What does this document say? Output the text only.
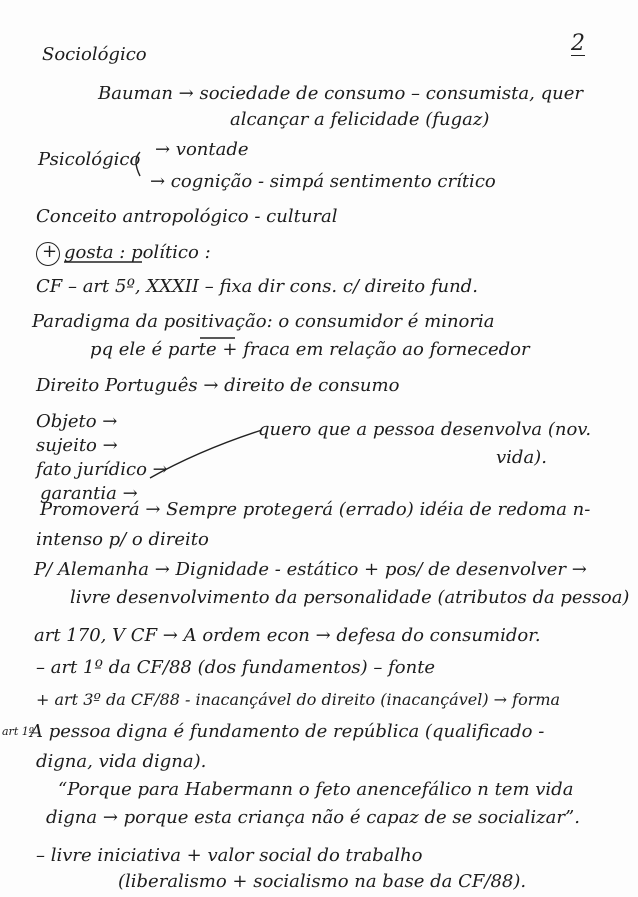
2
Sociológico
Bauman → sociedade de consumo – consumista, quer
alcançar a felicidade (fugaz)
Psicológico → vontade
→ cognição - simpá sentimento crítico
Conceito antropológico - cultural
+ gosta : político :
CF – art 5º, XXXII – fixa dir cons. c/ direito fund.
Paradigma da positivação: o consumidor é minoria
pq ele é parte + fraca em relação ao fornecedor
Direito Português → direito de consumo
Objeto →
sujeito →
fato jurídico →
garantia →
quero que a pessoa desenvolva (nov.
vida).
Promoverá → Sempre protegerá (errado) idéia de redoma n-
intenso p/ o direito
P/ Alemanha → Dignidade - estático + pos/ de desenvolver →
livre desenvolvimento da personalidade (atributos da pessoa)
art 170, V CF → A ordem econ → defesa do consumidor.
– art 1º da CF/88 (dos fundamentos) – fonte
+ art 3º da CF/88 - inacançável do direito (inacançável) → forma
art 1º
A pessoa digna é fundamento de república (qualificado -
digna, vida digna).
“Porque para Habermann o feto anencefálico n tem vida
digna → porque esta criança não é capaz de se socializar”.
– livre iniciativa + valor social do trabalho
(liberalismo + socialismo na base da CF/88).
